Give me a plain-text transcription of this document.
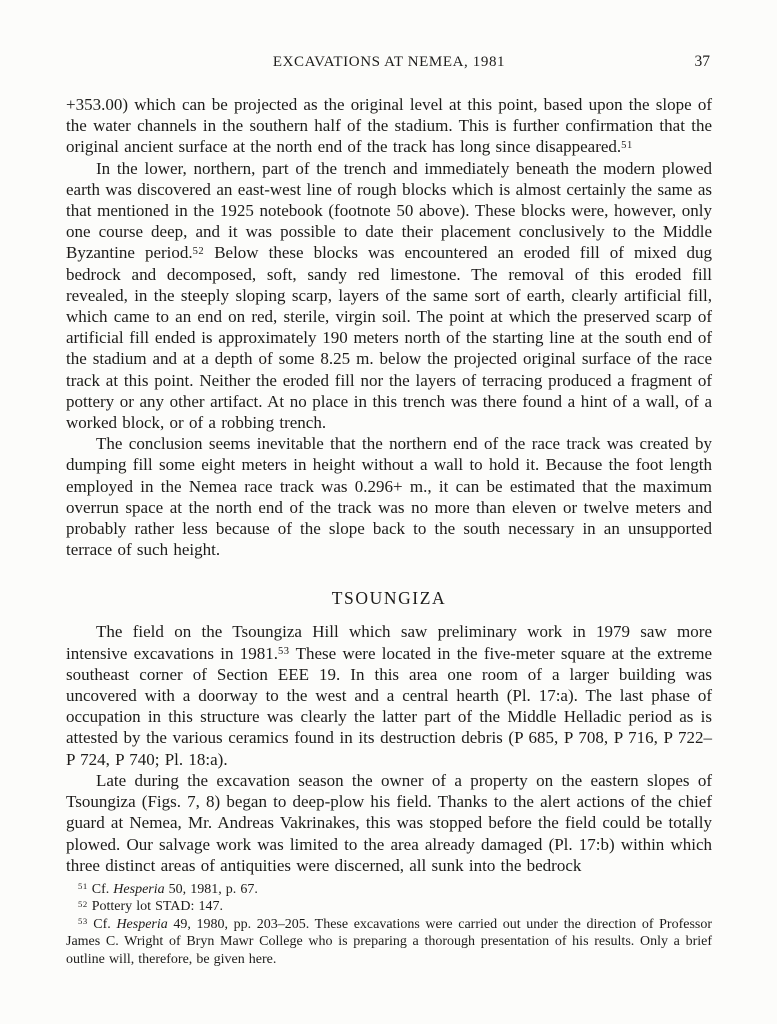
EXCAVATIONS AT NEMEA, 1981	37

+353.00) which can be projected as the original level at this point, based upon the slope of the water channels in the southern half of the stadium. This is further confirmation that the original ancient surface at the north end of the track has long since disappeared.$^{51}$

In the lower, northern, part of the trench and immediately beneath the modern plowed earth was discovered an east-west line of rough blocks which is almost certainly the same as that mentioned in the 1925 notebook (footnote 50 above). These blocks were, however, only one course deep, and it was possible to date their placement conclusively to the Middle Byzantine period.$^{52}$ Below these blocks was encountered an eroded fill of mixed dug bedrock and decomposed, soft, sandy red limestone. The removal of this eroded fill revealed, in the steeply sloping scarp, layers of the same sort of earth, clearly artificial fill, which came to an end on red, sterile, virgin soil. The point at which the preserved scarp of artificial fill ended is approximately 190 meters north of the starting line at the south end of the stadium and at a depth of some 8.25 m. below the projected original surface of the race track at this point. Neither the eroded fill nor the layers of terracing produced a fragment of pottery or any other artifact. At no place in this trench was there found a hint of a wall, of a worked block, or of a robbing trench.

The conclusion seems inevitable that the northern end of the race track was created by dumping fill some eight meters in height without a wall to hold it. Because the foot length employed in the Nemea race track was 0.296+ m., it can be estimated that the maximum overrun space at the north end of the track was no more than eleven or twelve meters and probably rather less because of the slope back to the south necessary in an unsupported terrace of such height.

TSOUNGIZA

The field on the Tsoungiza Hill which saw preliminary work in 1979 saw more intensive excavations in 1981.53 These were located in the five-meter square at the extreme southeast corner of Section EEE 19. In this area one room of a larger building was uncovered with a doorway to the west and a central hearth (Pl. 17:a). The last phase of occupation in this structure was clearly the latter part of the Middle Helladic period as is attested by the various ceramics found in its destruction debris (P 685, P 708, P 716, P 722–P 724, P 740; Pl. 18:a).

Late during the excavation season the owner of a property on the eastern slopes of Tsoungiza (Figs. 7, 8) began to deep-plow his field. Thanks to the alert actions of the chief guard at Nemea, Mr. Andreas Vakrinakes, this was stopped before the field could be totally plowed. Our salvage work was limited to the area already damaged (Pl. 17:b) within which three distinct areas of antiquities were discerned, all sunk into the bedrock

$^{51}$ Cf. Hesperia 50, 1981, p. 67.

$^{52}$ Pottery lot STAD: 147.

$^{53}$ Cf. Hesperia 49, 1980, pp. 203–205. These excavations were carried out under the direction of Professor James C. Wright of Bryn Mawr College who is preparing a thorough presentation of his results. Only a brief outline will, therefore, be given here.
